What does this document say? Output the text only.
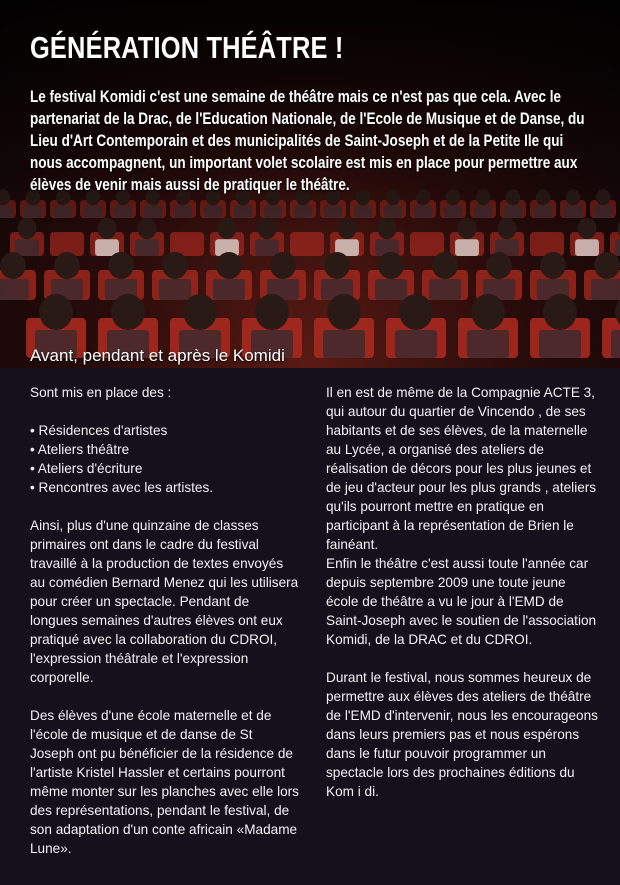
GÉNÉRATION THÉÂTRE !

Le festival Komidi c'est une semaine de théâtre mais ce n'est pas que cela. Avec le partenariat de la Drac, de l'Education Nationale, de l'Ecole de Musique et de Danse, du Lieu d'Art Contemporain et des municipalités de Saint-Joseph et de la Petite Ile qui nous accompagnent, un important volet scolaire est mis en place pour permettre aux élèves de venir mais aussi de pratiquer le théâtre.

Avant, pendant et après le Komidi

Sont mis en place des :

• Résidences d'artistes
• Ateliers théâtre
• Ateliers d'écriture
• Rencontres avec les artistes.

Ainsi, plus d'une quinzaine de classes primaires ont dans le cadre du festival travaillé à la production de textes envoyés au comédien Bernard Menez qui les utilisera pour créer un spectacle. Pendant de longues semaines d'autres élèves ont eux pratiqué avec la collaboration du CDROI, l'expression théâtrale et l'expression corporelle.

Des élèves d'une école maternelle et de l'école de musique et de danse de St Joseph ont pu bénéficier de la résidence de l'artiste Kristel Hassler et certains pourront même monter sur les planches avec elle lors des représentations, pendant le festival, de son adaptation d'un conte africain «Madame Lune».

Il en est de même de la Compagnie ACTE 3, qui autour du quartier de Vincendo , de ses habitants et de ses élèves, de la maternelle au Lycée, a organisé des ateliers de réalisation de décors pour les plus jeunes et de jeu d'acteur pour les plus grands , ateliers qu'ils pourront mettre en pratique en participant à la représentation de Brien le fainéant.

Enfin le théâtre c'est aussi toute l'année car depuis septembre 2009 une toute jeune école de théâtre a vu le jour à l'EMD de Saint-Joseph avec le soutien de l'association Komidi, de la DRAC et du CDROI.

Durant le festival, nous sommes heureux de permettre aux élèves des ateliers de théâtre de l'EMD d'intervenir, nous les encourageons dans leurs premiers pas et nous espérons dans le futur pouvoir programmer un spectacle lors des prochaines éditions du Kom i di.
